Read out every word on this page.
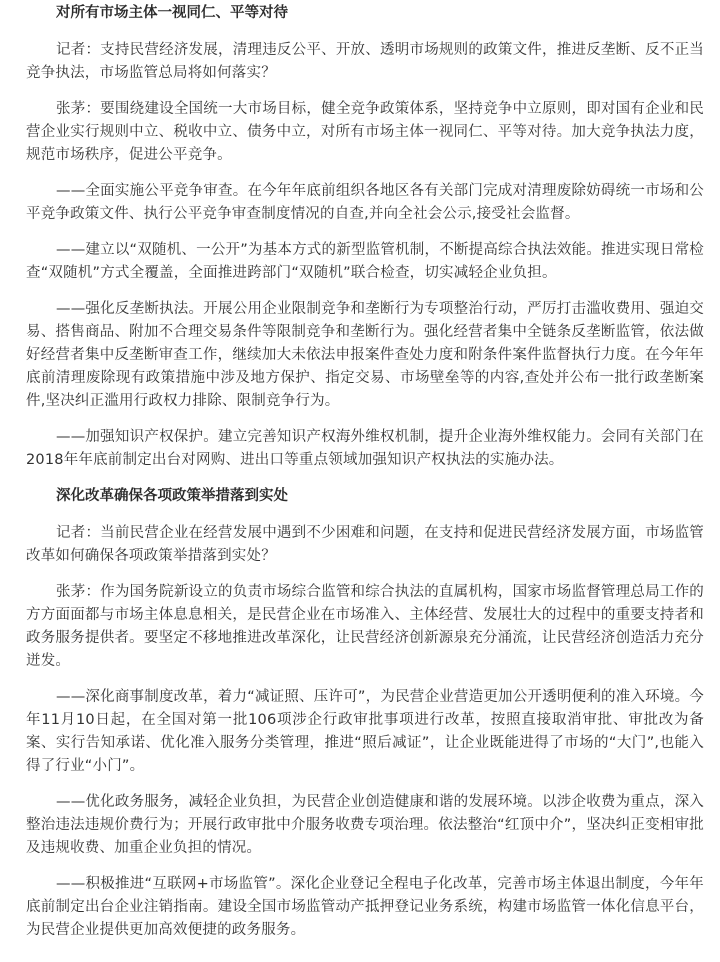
对所有市场主体一视同仁、平等对待

记者：支持民营经济发展，清理违反公平、开放、透明市场规则的政策文件，推进反垄断、反不正当竞争执法，市场监管总局将如何落实？

张茅：要围绕建设全国统一大市场目标，健全竞争政策体系，坚持竞争中立原则，即对国有企业和民营企业实行规则中立、税收中立、债务中立，对所有市场主体一视同仁、平等对待。加大竞争执法力度，规范市场秩序，促进公平竞争。

——全面实施公平竞争审查。在今年年底前组织各地区各有关部门完成对清理废除妨碍统一市场和公平竞争政策文件、执行公平竞争审查制度情况的自查,并向全社会公示,接受社会监督。

——建立以“双随机、一公开”为基本方式的新型监管机制，不断提高综合执法效能。推进实现日常检查“双随机”方式全覆盖，全面推进跨部门“双随机”联合检查，切实减轻企业负担。

——强化反垄断执法。开展公用企业限制竞争和垄断行为专项整治行动，严厉打击滥收费用、强迫交易、搭售商品、附加不合理交易条件等限制竞争和垄断行为。强化经营者集中全链条反垄断监管，依法做好经营者集中反垄断审查工作，继续加大未依法申报案件查处力度和附条件案件监督执行力度。在今年年底前清理废除现有政策措施中涉及地方保护、指定交易、市场壁垒等的内容,查处并公布一批行政垄断案件,坚决纠正滥用行政权力排除、限制竞争行为。

——加强知识产权保护。建立完善知识产权海外维权机制，提升企业海外维权能力。会同有关部门在2018年年底前制定出台对网购、进出口等重点领域加强知识产权执法的实施办法。

深化改革确保各项政策举措落到实处

记者：当前民营企业在经营发展中遇到不少困难和问题，在支持和促进民营经济发展方面，市场监管改革如何确保各项政策举措落到实处？

张茅：作为国务院新设立的负责市场综合监管和综合执法的直属机构，国家市场监督管理总局工作的方方面面都与市场主体息息相关，是民营企业在市场准入、主体经营、发展壮大的过程中的重要支持者和政务服务提供者。要坚定不移地推进改革深化，让民营经济创新源泉充分涌流，让民营经济创造活力充分迸发。

——深化商事制度改革，着力“减证照、压许可”，为民营企业营造更加公开透明便利的准入环境。今年11月10日起，在全国对第一批106项涉企行政审批事项进行改革，按照直接取消审批、审批改为备案、实行告知承诺、优化准入服务分类管理，推进“照后减证”，让企业既能进得了市场的“大门”,也能入得了行业“小门”。

——优化政务服务，减轻企业负担，为民营企业创造健康和谐的发展环境。以涉企收费为重点，深入整治违法违规价费行为；开展行政审批中介服务收费专项治理。依法整治“红顶中介”，坚决纠正变相审批及违规收费、加重企业负担的情况。

——积极推进“互联网+市场监管”。深化企业登记全程电子化改革，完善市场主体退出制度，今年年底前制定出台企业注销指南。建设全国市场监管动产抵押登记业务系统，构建市场监管一体化信息平台，为民营企业提供更加高效便捷的政务服务。
